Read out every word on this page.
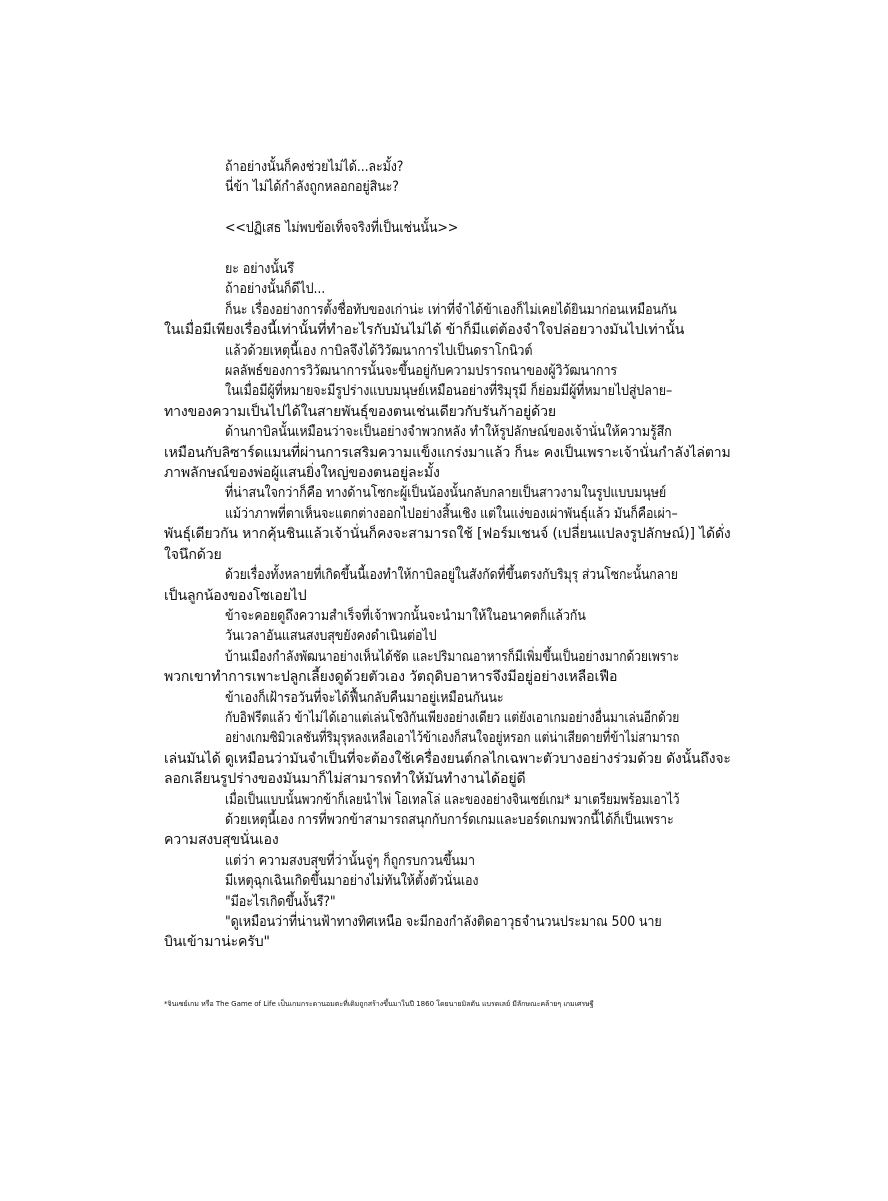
ถ้าอย่างนั้นก็คงช่วยไม่ได้...ละมั้ง?
นี่ข้า ไม่ได้กำลังถูกหลอกอยู่สินะ?
<<ปฏิเสธ ไม่พบข้อเท็จจริงที่เป็นเช่นนั้น>>
ยะ อย่างนั้นรึ
ถ้าอย่างนั้นก็ดีไป...
ก็นะ เรื่องอย่างการตั้งชื่อทับของเก่าน่ะ เท่าที่จำได้ข้าเองก็ไม่เคยได้ยินมาก่อนเหมือนกัน
ในเมื่อมีเพียงเรื่องนี้เท่านั้นที่ทำอะไรกับมันไม่ได้ ข้าก็มีแต่ต้องจำใจปล่อยวางมันไปเท่านั้น
แล้วด้วยเหตุนี้เอง กาบิลจึงได้วิวัฒนาการไปเป็นดราโกนิวต์
ผลลัพธ์ของการวิวัฒนาการนั้นจะขึ้นอยู่กับความปรารถนาของผู้วิวัฒนาการ
ในเมื่อมีผู้ที่หมายจะมีรูปร่างแบบมนุษย์เหมือนอย่างที่ริมุรุมี ก็ย่อมมีผู้ที่หมายไปสู่ปลาย–
ทางของความเป็นไปได้ในสายพันธุ์ของตนเช่นเดียวกับรันก้าอยู่ด้วย
ด้านกาบิลนั้นเหมือนว่าจะเป็นอย่างจำพวกหลัง ทำให้รูปลักษณ์ของเจ้านั่นให้ความรู้สึก
เหมือนกับลิซาร์ดแมนที่ผ่านการเสริมความแข็งแกร่งมาแล้ว ก็นะ คงเป็นเพราะเจ้านั่นกำลังไล่ตาม
ภาพลักษณ์ของพ่อผู้แสนยิ่งใหญ่ของตนอยู่ละมั้ง
ที่น่าสนใจกว่าก็คือ ทางด้านโซกะผู้เป็นน้องนั้นกลับกลายเป็นสาวงามในรูปแบบมนุษย์
แม้ว่าภาพที่ตาเห็นจะแตกต่างออกไปอย่างสิ้นเชิง แต่ในแง่ของเผ่าพันธุ์แล้ว มันก็คือเผ่า–
พันธุ์เดียวกัน หากคุ้นชินแล้วเจ้านั่นก็คงจะสามารถใช้ [ฟอร์มเชนจ์ (เปลี่ยนแปลงรูปลักษณ์)] ได้ดั่ง
ใจนึกด้วย
ด้วยเรื่องทั้งหลายที่เกิดขึ้นนี้เองทำให้กาบิลอยู่ในสังกัดที่ขึ้นตรงกับริมุรุ ส่วนโซกะนั้นกลาย
เป็นลูกน้องของโซเอยไป
ข้าจะคอยดูถึงความสำเร็จที่เจ้าพวกนั้นจะนำมาให้ในอนาคตก็แล้วกัน
วันเวลาอันแสนสงบสุขยังคงดำเนินต่อไป
บ้านเมืองกำลังพัฒนาอย่างเห็นได้ชัด และปริมาณอาหารก็มีเพิ่มขึ้นเป็นอย่างมากด้วยเพราะ
พวกเขาทำการเพาะปลูกเลี้ยงดูด้วยตัวเอง วัตถุดิบอาหารจึงมีอยู่อย่างเหลือเฟือ
ข้าเองก็เฝ้ารอวันที่จะได้ฟื้นกลับคืนมาอยู่เหมือนกันนะ
กับอิฟรีตแล้ว ข้าไม่ได้เอาแต่เล่นโชงิกันเพียงอย่างเดียว แต่ยังเอาเกมอย่างอื่นมาเล่นอีกด้วย
อย่างเกมซิมิวเลชันที่ริมุรุหลงเหลือเอาไว้ข้าเองก็สนใจอยู่หรอก แต่น่าเสียดายที่ข้าไม่สามารถ
เล่นมันได้ ดูเหมือนว่ามันจำเป็นที่จะต้องใช้เครื่องยนต์กลไกเฉพาะตัวบางอย่างร่วมด้วย ดังนั้นถึงจะ
ลอกเลียนรูปร่างของมันมาก็ไม่สามารถทำให้มันทำงานได้อยู่ดี
เมื่อเป็นแบบนั้นพวกข้าก็เลยนำไพ่ โอเทลโล่ และของอย่างจินเซย์เกม* มาเตรียมพร้อมเอาไว้
ด้วยเหตุนี้เอง การที่พวกข้าสามารถสนุกกับการ์ดเกมและบอร์ดเกมพวกนี้ได้ก็เป็นเพราะ
ความสงบสุขนั่นเอง
แต่ว่า ความสงบสุขที่ว่านั้นจู่ๆ ก็ถูกรบกวนขึ้นมา
มีเหตุฉุกเฉินเกิดขึ้นมาอย่างไม่ทันให้ตั้งตัวนั่นเอง
"มีอะไรเกิดขึ้นงั้นรึ?"
"ดูเหมือนว่าที่น่านฟ้าทางทิศเหนือ จะมีกองกำลังติดอาวุธจำนวนประมาณ 500 นาย
บินเข้ามาน่ะครับ"
*จินเซย์เกม หรือ The Game of Life เป็นเกมกระดานอมตะที่เดิมถูกสร้างขึ้นมาในปี 1860 โดยนายมิลตัน แบรดเลย์ มีลักษณะคล้ายๆ เกมเศรษฐี
